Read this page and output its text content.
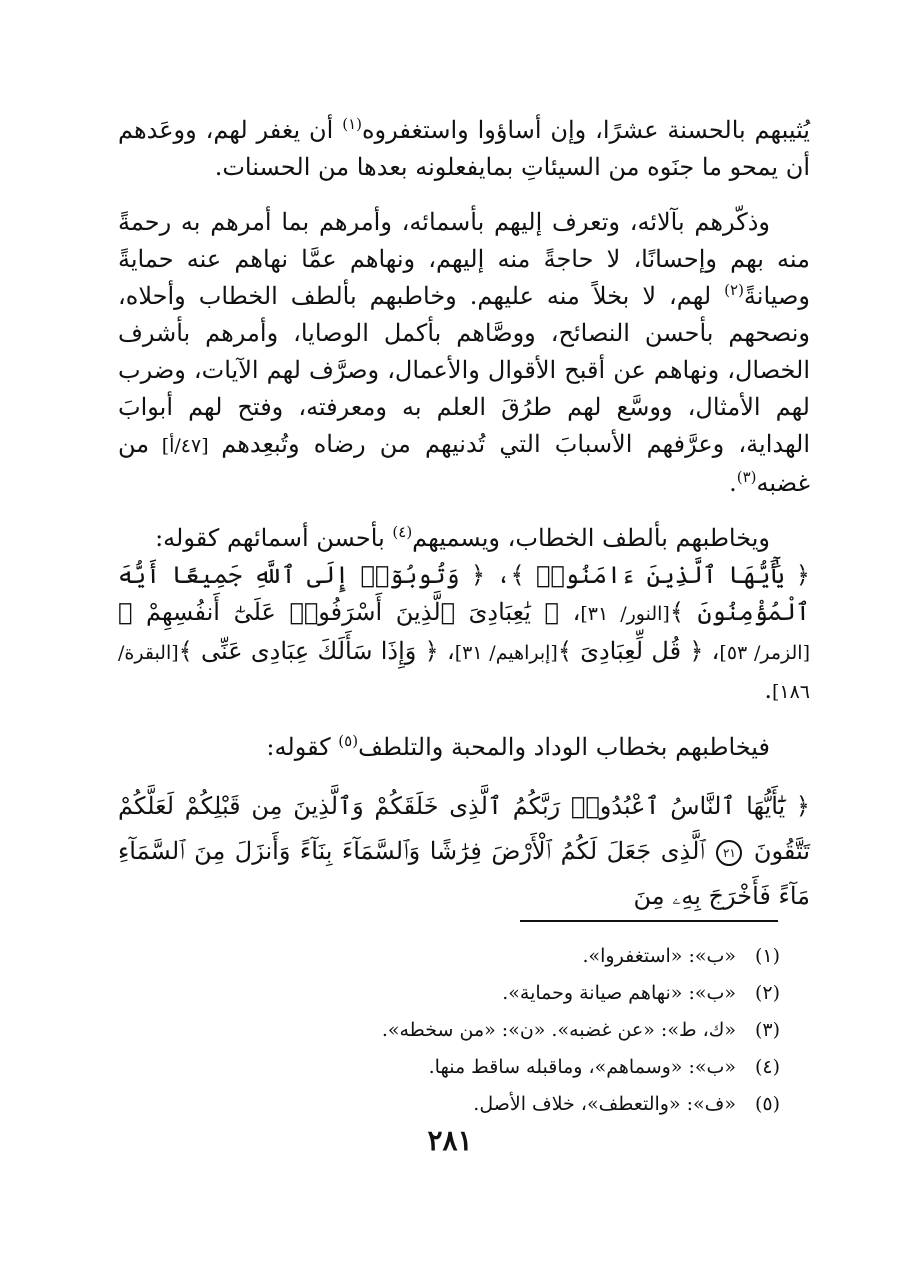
يُثيبهم بالحسنة عشرًا، وإن أساؤوا واستغفروه$^{(١)}$ أن يغفر لهم، ووعَدهم أن يمحو ما جنَوه من السيئاتِ بمايفعلونه بعدها من الحسنات.
وذكّرهم بآلائه، وتعرف إليهم بأسمائه، وأمرهم بما أمرهم به رحمةً منه بهم وإحسانًا، لا حاجةً منه إليهم، ونهاهم عمَّا نهاهم عنه حمايةً وصيانةً$^{(٢)}$ لهم، لا بخلاً منه عليهم. وخاطبهم بألطف الخطاب وأحلاه، ونصحهم بأحسن النصائح، ووصَّاهم بأكمل الوصايا، وأمرهم بأشرف الخصال، ونهاهم عن أقبح الأقوال والأعمال، وصرَّف لهم الآيات، وضرب لهم الأمثال، ووسَّع لهم طرُقَ العلم به ومعرفته، وفتح لهم أبوابَ الهداية، وعرَّفهم الأسبابَ التي تُدنيهم من رضاه وتُبعِدهم [٤٧/أ] من غضبه$^{(٣)}$.

ويخاطبهم بألطف الخطاب، ويسميهم$^{(٤)}$ بأحسن أسمائهم كقوله:

﴿ يَٰٓأَيُّهَا ٱلَّذِينَ ءَامَنُوا۟ ﴾، ﴿ وَتُوبُوٓا۟ إِلَى ٱللَّهِ جَمِيعًا أَيُّهَ ٱلْمُؤْمِنُونَ ﴾[النور/ ٣١]، ﴿ يَٰعِبَادِىَ ٱلَّذِينَ أَسْرَفُوا۟ عَلَىٰٓ أَنفُسِهِمْ ﴾[الزمر/ ٥٣]، ﴿ قُل لِّعِبَادِىَ ﴾[إبراهيم/ ٣١]، ﴿ وَإِذَا سَأَلَكَ عِبَادِى عَنِّى ﴾[البقرة/ ١٨٦].

فيخاطبهم بخطاب الوداد والمحبة والتلطف$^{(٥)}$ كقوله:
﴿ يَٰٓأَيُّهَا ٱلنَّاسُ ٱعْبُدُوا۟ رَبَّكُمُ ٱلَّذِى خَلَقَكُمْ وَٱلَّذِينَ مِن قَبْلِكُمْ لَعَلَّكُمْ تَتَّقُونَ ٢١ ٱلَّذِى جَعَلَ لَكُمُ ٱلْأَرْضَ فِرَٰشًا وَٱلسَّمَآءَ بِنَآءً وَأَنزَلَ مِنَ ٱلسَّمَآءِ مَآءً فَأَخْرَجَ بِهِۦ مِنَ
(١)«ب»: «استغفروا».
(٢)«ب»: «نهاهم صيانة وحماية».
(٣)«ك، ط»: «عن غضبه». «ن»: «من سخطه».
(٤)«ب»: «وسماهم»، وماقبله ساقط منها.
(٥)«ف»: «والتعطف»، خلاف الأصل.
٢٨١
